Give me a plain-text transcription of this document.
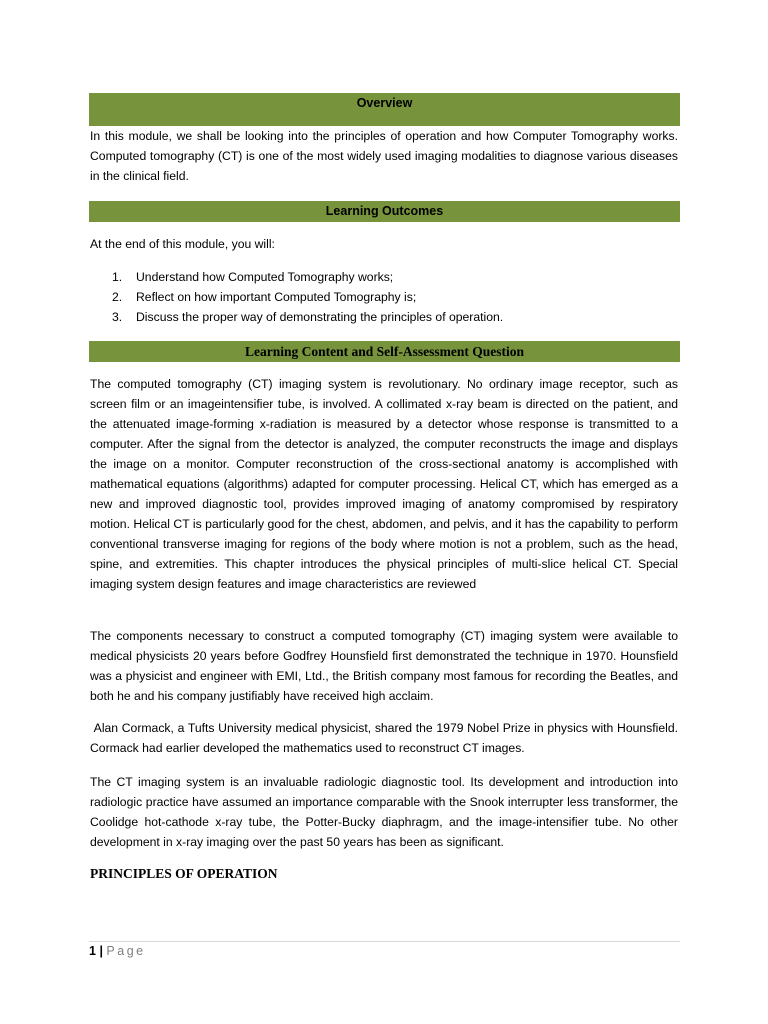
Overview
In this module, we shall be looking into the principles of operation and how Computer Tomography works. Computed tomography (CT) is one of the most widely used imaging modalities to diagnose various diseases in the clinical field.
Learning Outcomes
At the end of this module, you will:
1. Understand how Computed Tomography works;
2. Reflect on how important Computed Tomography is;
3. Discuss the proper way of demonstrating the principles of operation.
Learning Content and Self-Assessment Question
The computed tomography (CT) imaging system is revolutionary. No ordinary image receptor, such as screen film or an imageintensifier tube, is involved. A collimated x-ray beam is directed on the patient, and the attenuated image-forming x-radiation is measured by a detector whose response is transmitted to a computer. After the signal from the detector is analyzed, the computer reconstructs the image and displays the image on a monitor. Computer reconstruction of the cross-sectional anatomy is accomplished with mathematical equations (algorithms) adapted for computer processing. Helical CT, which has emerged as a new and improved diagnostic tool, provides improved imaging of anatomy compromised by respiratory motion. Helical CT is particularly good for the chest, abdomen, and pelvis, and it has the capability to perform conventional transverse imaging for regions of the body where motion is not a problem, such as the head, spine, and extremities. This chapter introduces the physical principles of multi-slice helical CT. Special imaging system design features and image characteristics are reviewed
The components necessary to construct a computed tomography (CT) imaging system were available to medical physicists 20 years before Godfrey Hounsfield first demonstrated the technique in 1970. Hounsfield was a physicist and engineer with EMI, Ltd., the British company most famous for recording the Beatles, and both he and his company justifiably have received high acclaim.
Alan Cormack, a Tufts University medical physicist, shared the 1979 Nobel Prize in physics with Hounsfield. Cormack had earlier developed the mathematics used to reconstruct CT images.
The CT imaging system is an invaluable radiologic diagnostic tool. Its development and introduction into radiologic practice have assumed an importance comparable with the Snook interrupter less transformer, the Coolidge hot-cathode x-ray tube, the Potter-Bucky diaphragm, and the image-intensifier tube. No other development in x-ray imaging over the past 50 years has been as significant.
PRINCIPLES OF OPERATION
1 | Page
